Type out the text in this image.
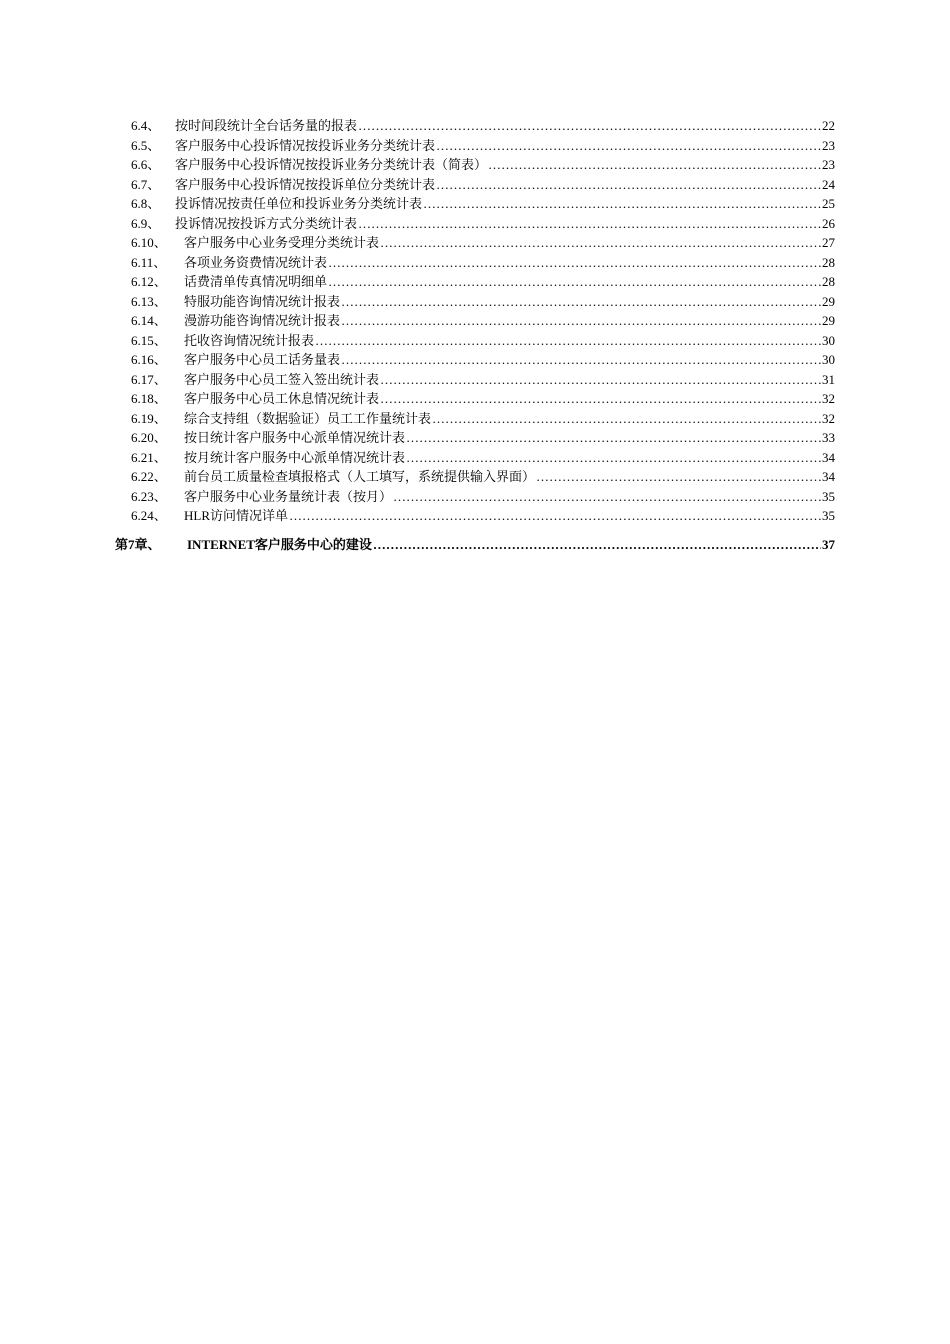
6.4、	按时间段统计全台话务量的报表 …………………………………………………………………………………………………………………………………………………………………………………………………………	22
6.5、	客户服务中心投诉情况按投诉业务分类统计表 …………………………………………………………………………………………………………………………………………………………………………………………………………	23
6.6、	客户服务中心投诉情况按投诉业务分类统计表（简表） …………………………………………………………………………………………………………………………………………………………………………………………………………	23
6.7、	客户服务中心投诉情况按投诉单位分类统计表 …………………………………………………………………………………………………………………………………………………………………………………………………………	24
6.8、	投诉情况按责任单位和投诉业务分类统计表 …………………………………………………………………………………………………………………………………………………………………………………………………………	25
6.9、	投诉情况按投诉方式分类统计表 …………………………………………………………………………………………………………………………………………………………………………………………………………	26
6.10、	客户服务中心业务受理分类统计表 …………………………………………………………………………………………………………………………………………………………………………………………………………	27
6.11、	各项业务资费情况统计表 …………………………………………………………………………………………………………………………………………………………………………………………………………	28
6.12、	话费清单传真情况明细单 …………………………………………………………………………………………………………………………………………………………………………………………………………	28
6.13、	特服功能咨询情况统计报表 …………………………………………………………………………………………………………………………………………………………………………………………………………	29
6.14、	漫游功能咨询情况统计报表 …………………………………………………………………………………………………………………………………………………………………………………………………………	29
6.15、	托收咨询情况统计报表 …………………………………………………………………………………………………………………………………………………………………………………………………………	30
6.16、	客户服务中心员工话务量表 …………………………………………………………………………………………………………………………………………………………………………………………………………	30
6.17、	客户服务中心员工签入签出统计表 …………………………………………………………………………………………………………………………………………………………………………………………………………	31
6.18、	客户服务中心员工休息情况统计表 …………………………………………………………………………………………………………………………………………………………………………………………………………	32
6.19、	综合支持组（数据验证）员工工作量统计表 …………………………………………………………………………………………………………………………………………………………………………………………………………	32
6.20、	按日统计客户服务中心派单情况统计表 …………………………………………………………………………………………………………………………………………………………………………………………………………	33
6.21、	按月统计客户服务中心派单情况统计表 …………………………………………………………………………………………………………………………………………………………………………………………………………	34
6.22、	前台员工质量检查填报格式（人工填写，系统提供输入界面） …………………………………………………………………………………………………………………………………………………………………………………………………………	34
6.23、	客户服务中心业务量统计表（按月） …………………………………………………………………………………………………………………………………………………………………………………………………………	35
6.24、	HLR访问情况详单 …………………………………………………………………………………………………………………………………………………………………………………………………………	35
第7章、	INTERNET客户服务中心的建设 …………………………………………………………………………………………………………………………………………………………………………………………………………	37
